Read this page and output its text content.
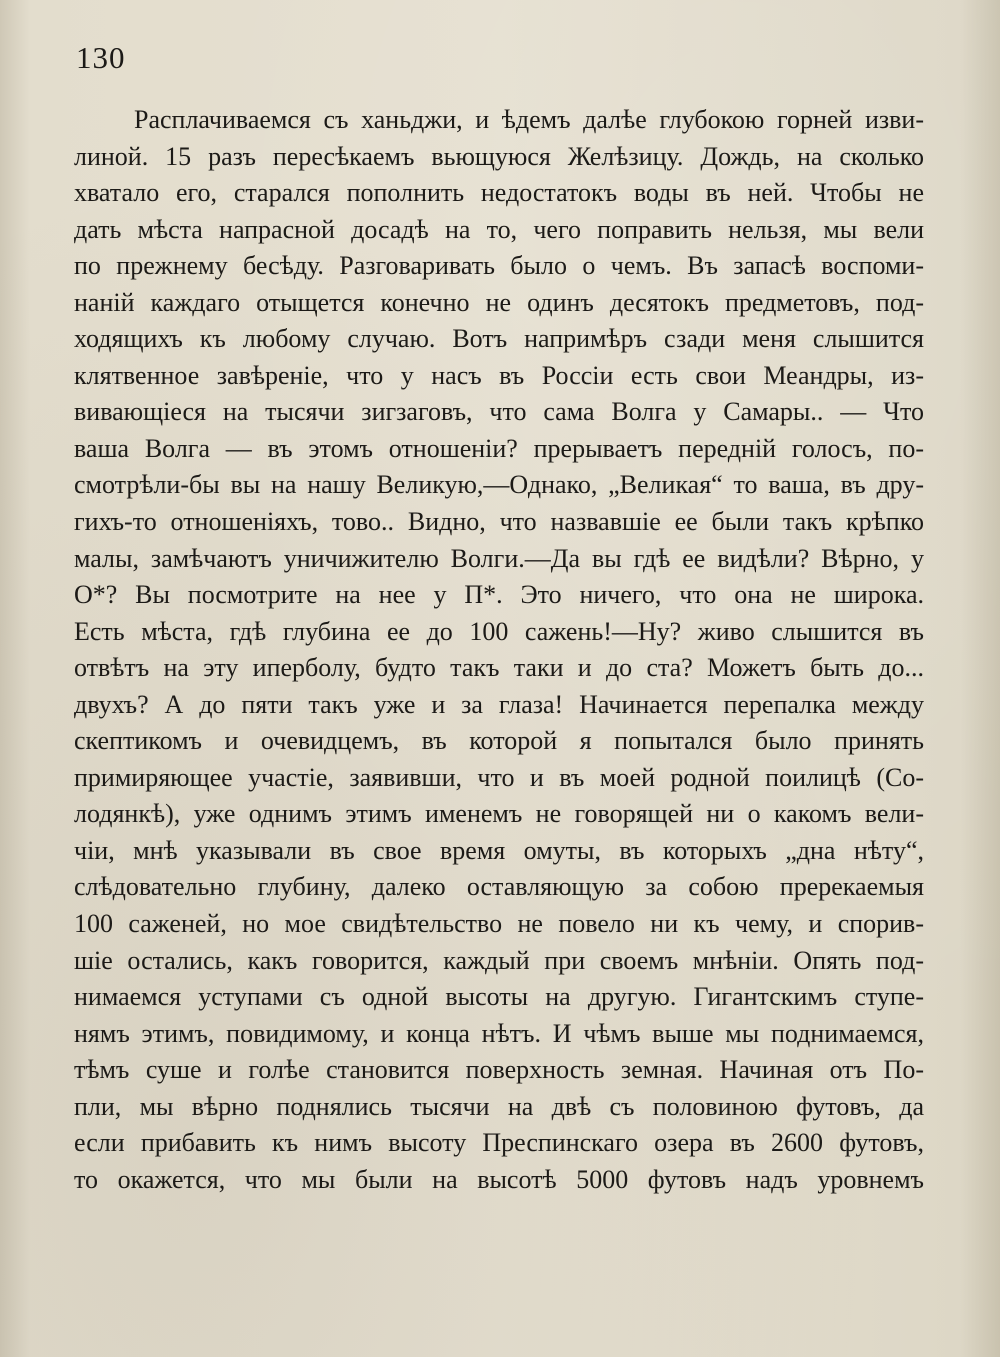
130
Расплачиваемся съ ханьджи, и ѣдемъ далѣе глубокою горней изви-
линой. 15 разъ пересѣкаемъ вьющуюся Желѣзицу. Дождь, на сколько
хватало его, старался пополнить недостатокъ воды въ ней. Чтобы не
дать мѣста напрасной досадѣ на то, чего поправить нельзя, мы вели
по прежнему бесѣду. Разговаривать было о чемъ. Въ запасѣ воспоми-
наній каждаго отыщется конечно не одинъ десятокъ предметовъ, под-
ходящихъ къ любому случаю. Вотъ напримѣръ сзади меня слышится
клятвенное завѣреніе, что у насъ въ Россіи есть свои Меандры, из-
вивающіеся на тысячи зигзаговъ, что сама Волга у Самары.. — Что
ваша Волга — въ этомъ отношеніи? прерываетъ передній голосъ, по-
смотрѣли-бы вы на нашу Великую,—Однако, „Великая“ то ваша, въ дру-
гихъ-то отношеніяхъ, тово.. Видно, что назвавшіе ее были такъ крѣпко
малы, замѣчаютъ уничижителю Волги.—Да вы гдѣ ее видѣли? Вѣрно, у
О*? Вы посмотрите на нее у П*. Это ничего, что она не широка.
Есть мѣста, гдѣ глубина ее до 100 сажень!—Ну? живо слышится въ
отвѣтъ на эту иперболу, будто такъ таки и до ста? Можетъ быть до...
двухъ? А до пяти такъ уже и за глаза! Начинается перепалка между
скептикомъ и очевидцемъ, въ которой я попытался было принять
примиряющее участіе, заявивши, что и въ моей родной поилицѣ (Со-
лодянкѣ), уже однимъ этимъ именемъ не говорящей ни о какомъ вели-
чіи, мнѣ указывали въ свое время омуты, въ которыхъ „дна нѣту“,
слѣдовательно глубину, далеко оставляющую за собою пререкаемыя
100 саженей, но мое свидѣтельство не повело ни къ чему, и спорив-
шіе остались, какъ говорится, каждый при своемъ мнѣніи. Опять под-
нимаемся уступами съ одной высоты на другую. Гигантскимъ ступе-
нямъ этимъ, повидимому, и конца нѣтъ. И чѣмъ выше мы поднимаемся,
тѣмъ суше и голѣе становится поверхность земная. Начиная отъ По-
пли, мы вѣрно поднялись тысячи на двѣ съ половиною футовъ, да
если прибавить къ нимъ высоту Преспинскаго озера въ 2600 футовъ,
то окажется, что мы были на высотѣ 5000 футовъ надъ уровнемъ
